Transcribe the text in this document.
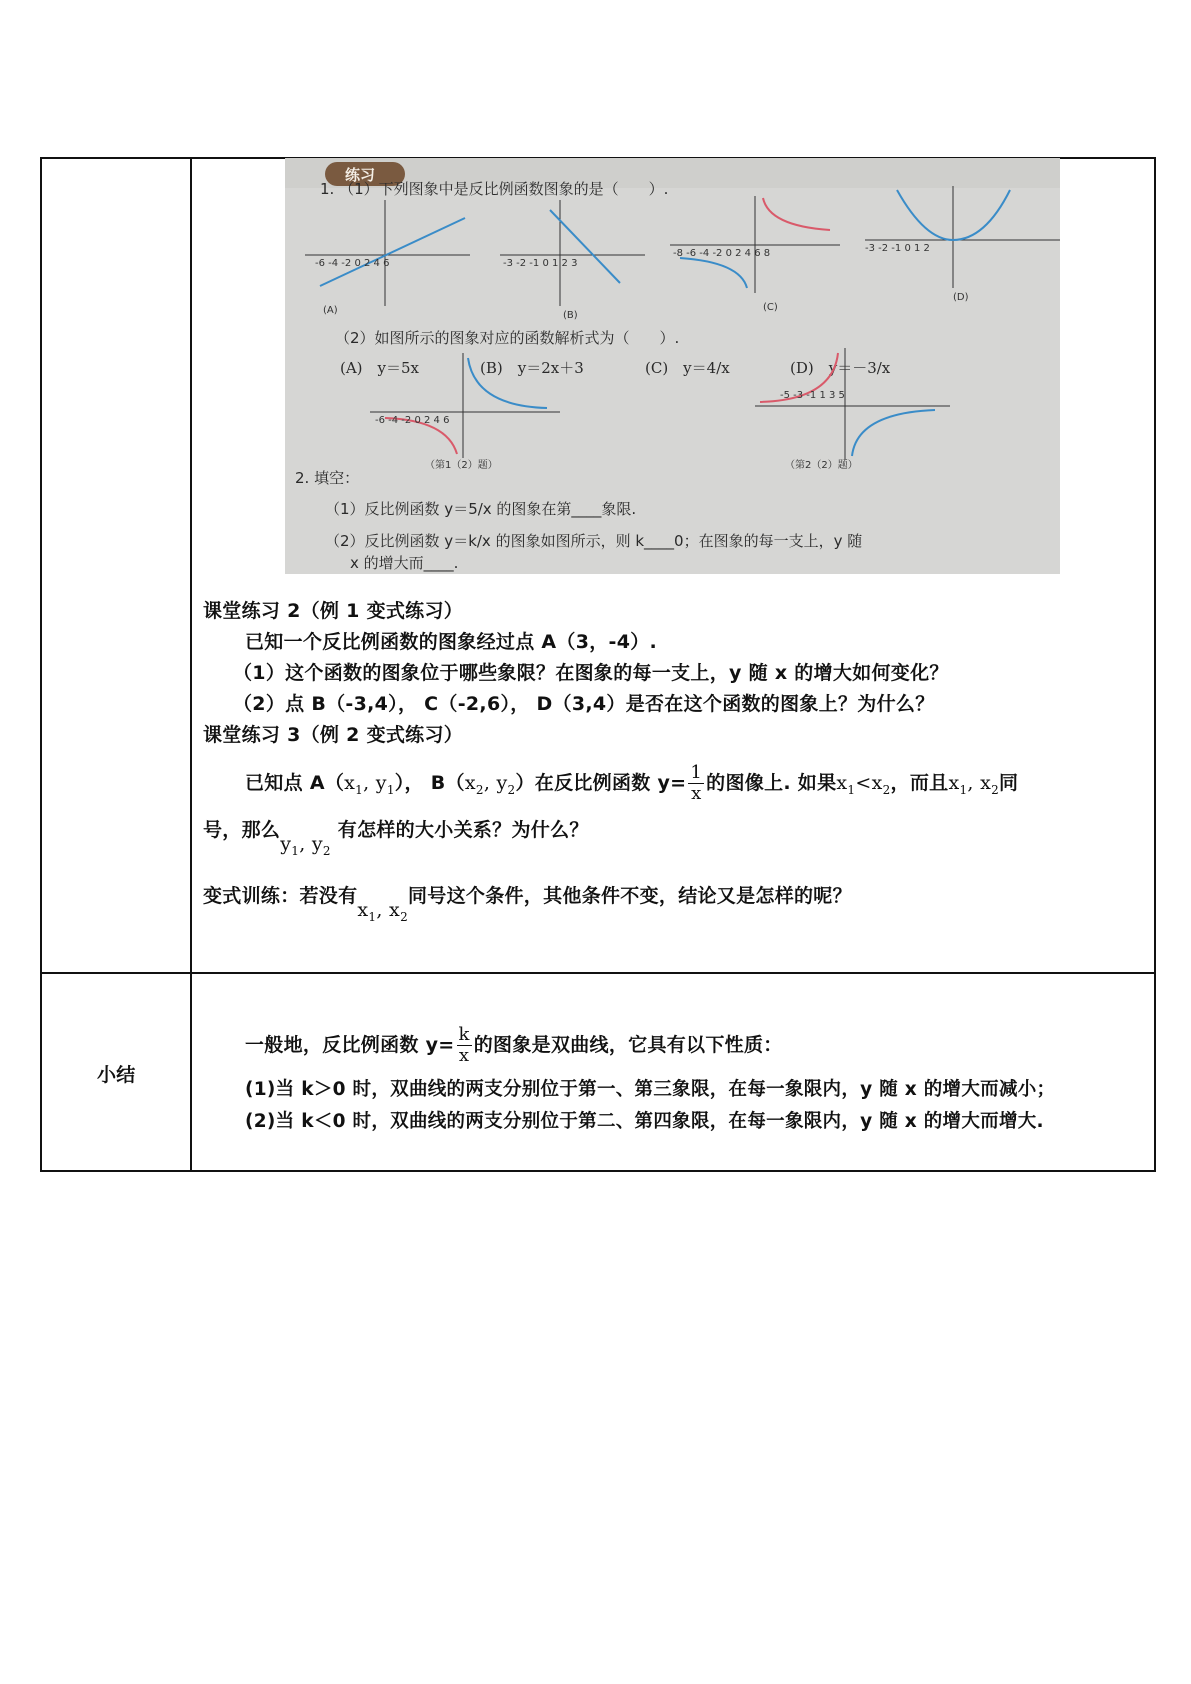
练习
1. （1）下列图象中是反比例函数图象的是（　　）.
-6 -4 -2 0 2 4 6
(A)
-3 -2 -1 0 1 2 3
(B)
-8 -6 -4 -2 0 2 4 6 8
(C)
-3 -2 -1 0 1 2
(D)
（2）如图所示的图象对应的函数解析式为（　　）.
(A)　y＝5x	(B)　y＝2x＋3	(C)　y＝4/x	(D)　y＝－3/x
-6 -4 -2 0 2 4 6
（第1（2）题）
-5 -3 -1 1 3 5
（第2（2）题）
2. 填空：
（1）反比例函数 y＝5/x 的图象在第____象限.
（2）反比例函数 y＝k/x 的图象如图所示，则 k____0；在图象的每一支上，y 随
x 的增大而____.
课堂练习 2（例 1 变式练习）
已知一个反比例函数的图象经过点 A（3，-4）.
（1）这个函数的图象位于哪些象限？在图象的每一支上，y 随 x 的增大如何变化？
（2）点 B（-3,4）， C（-2,6）， D（3,4）是否在这个函数的图象上？为什么？
课堂练习 3（例 2 变式练习）
已知点 $A(x_1$, $y_1$）， $B(x_2$, $y_2$）在反比例函数 $y= \frac{1}{x}$ 的图像上. 如果$x_1<x_2$，而且$x_1$, $x_2$同
号，那么$y_1$, $y_2$ 有怎样的大小关系？为什么？
变式训练：若没有$x_1$, $x_2$同号这个条件，其他条件不变，结论又是怎样的呢？
小结
一般地，反比例函数 $y= \frac{k}{x}$ 的图象是双曲线，它具有以下性质：
(1)当 k＞0 时，双曲线的两支分别位于第一、第三象限，在每一象限内，y 随 x 的增大而减小；
(2)当 k＜0 时，双曲线的两支分别位于第二、第四象限，在每一象限内，y 随 x 的增大而增大.
